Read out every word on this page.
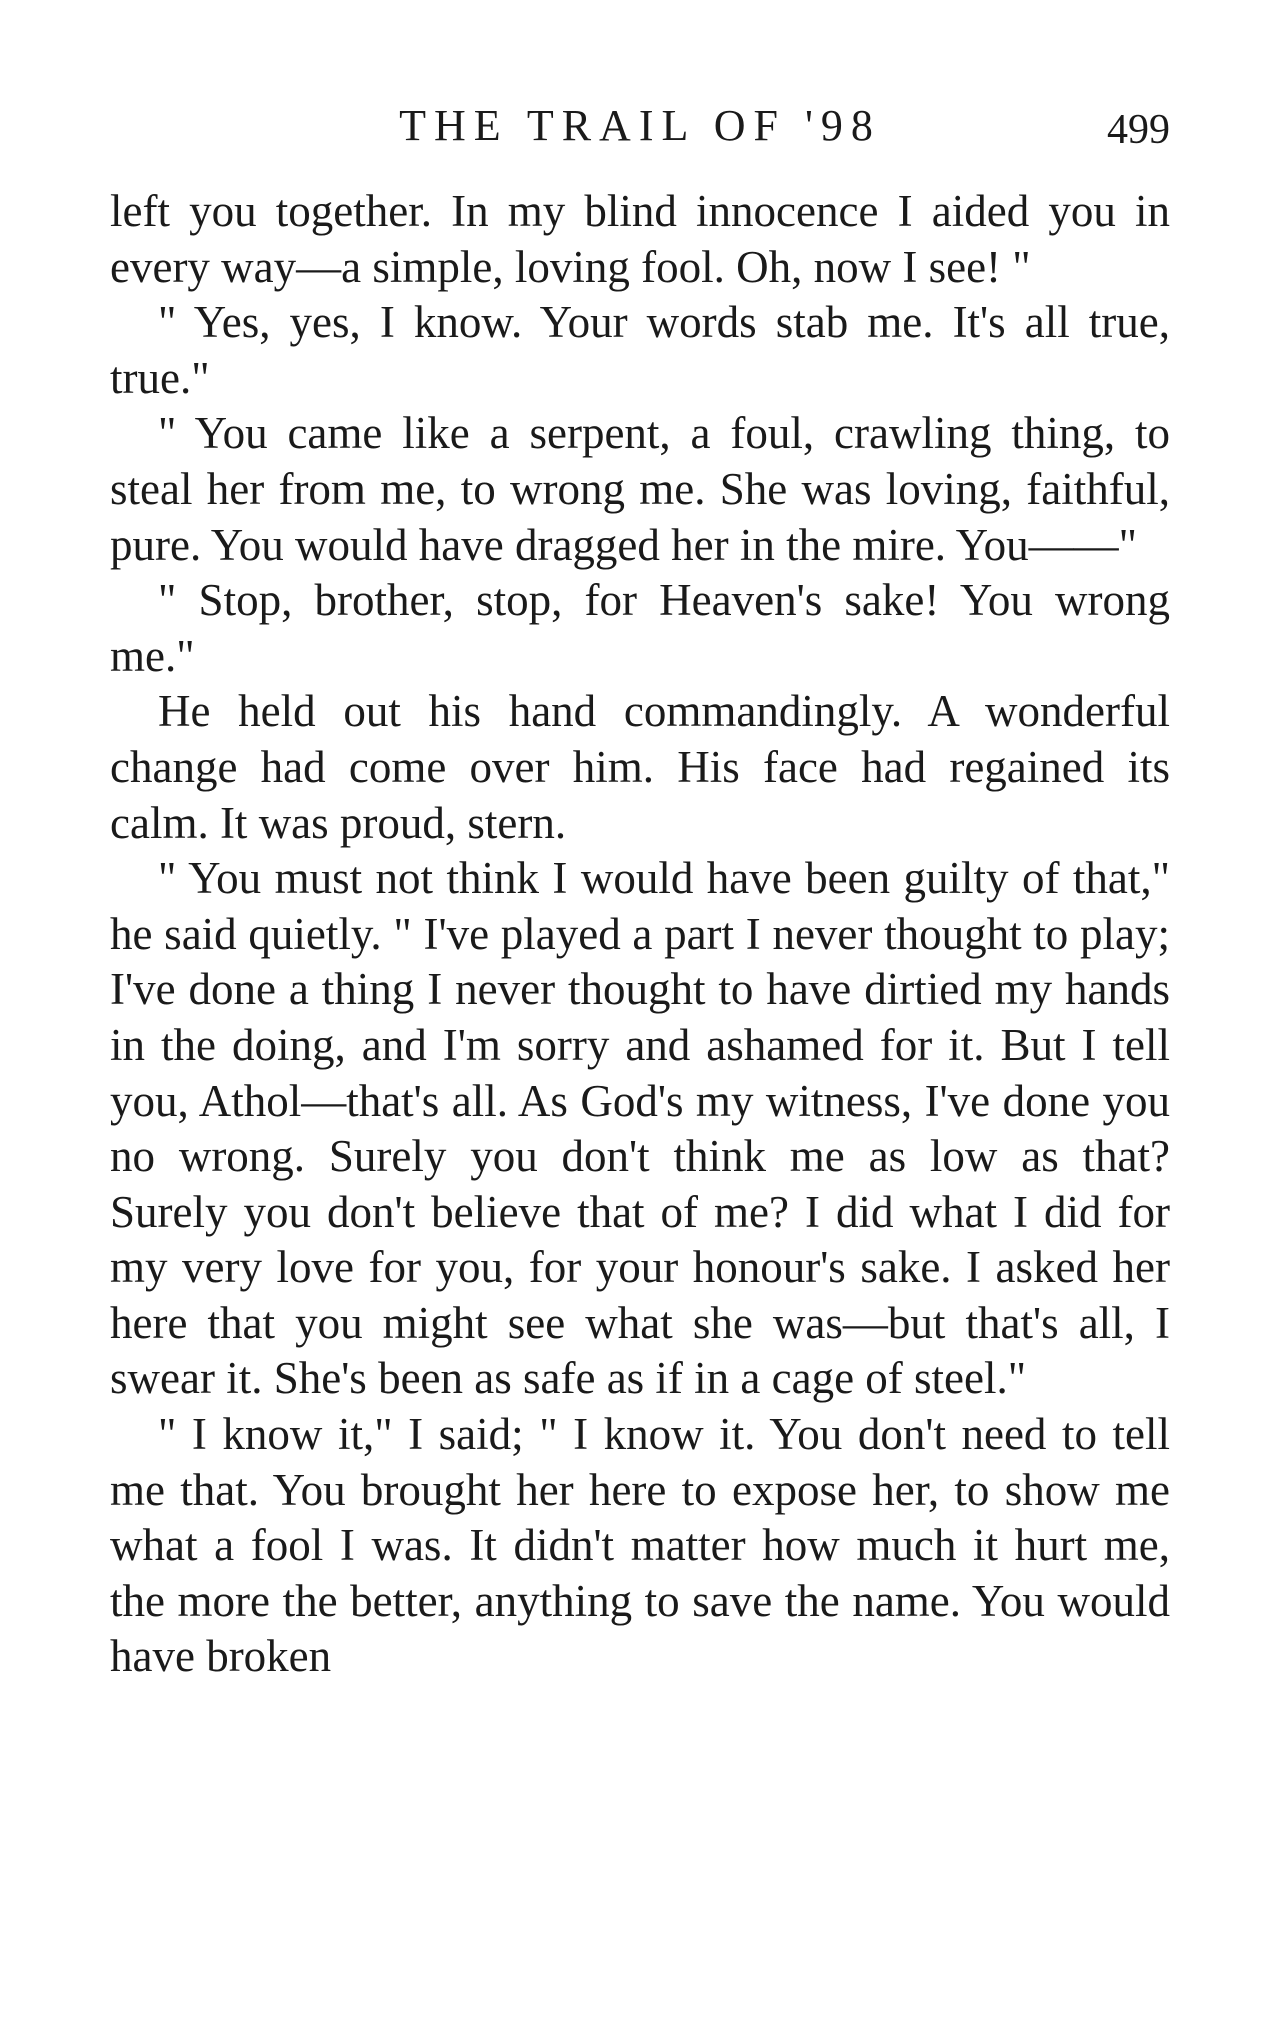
THE TRAIL OF '98	499

left you together. In my blind innocence I aided you in every way—a simple, loving fool. Oh, now I see! "

" Yes, yes, I know. Your words stab me. It's all true, true."

" You came like a serpent, a foul, crawling thing, to steal her from me, to wrong me. She was loving, faithful, pure. You would have dragged her in the mire. You——"

" Stop, brother, stop, for Heaven's sake! You wrong me."

He held out his hand commandingly. A wonderful change had come over him. His face had regained its calm. It was proud, stern.

" You must not think I would have been guilty of that," he said quietly. " I've played a part I never thought to play; I've done a thing I never thought to have dirtied my hands in the doing, and I'm sorry and ashamed for it. But I tell you, Athol—that's all. As God's my witness, I've done you no wrong. Surely you don't think me as low as that? Surely you don't believe that of me? I did what I did for my very love for you, for your honour's sake. I asked her here that you might see what she was—but that's all, I swear it. She's been as safe as if in a cage of steel."

" I know it," I said; " I know it. You don't need to tell me that. You brought her here to expose her, to show me what a fool I was. It didn't matter how much it hurt me, the more the better, anything to save the name. You would have broken
